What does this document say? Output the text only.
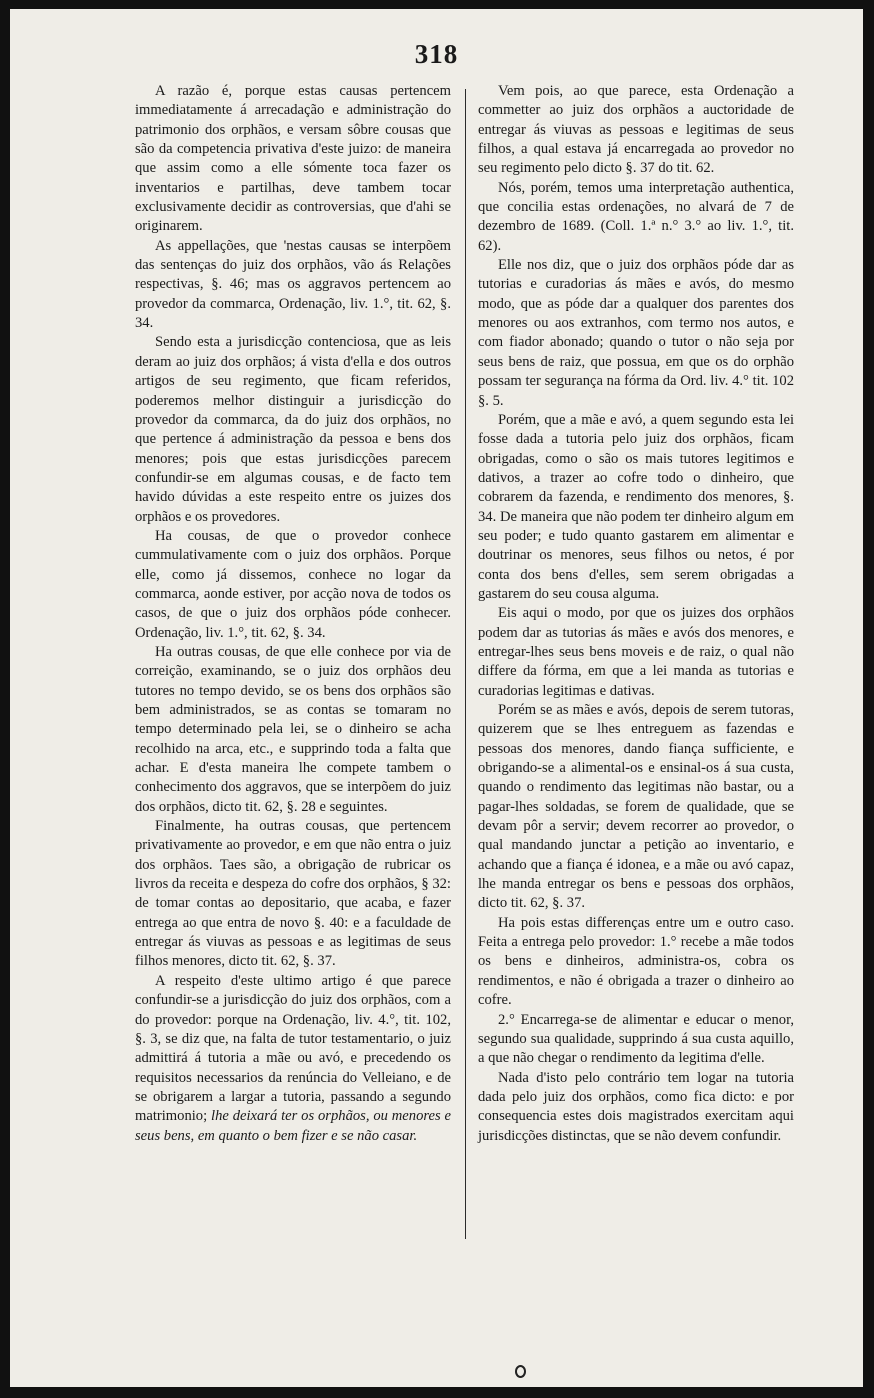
318

A razão é, porque estas causas pertencem immediatamente á arrecadação e administração do patrimonio dos orphãos, e versam sôbre cousas que são da competencia privativa d'este juizo: de maneira que assim como a elle sómente toca fazer os inventarios e partilhas, deve tambem tocar exclusivamente decidir as controversias, que d'ahi se originarem.

As appellações, que 'nestas causas se interpõem das sentenças do juiz dos orphãos, vão ás Relações respectivas, §. 46; mas os aggravos pertencem ao provedor da commarca, Ordenação, liv. 1.°, tit. 62, §. 34.

Sendo esta a jurisdicção contenciosa, que as leis deram ao juiz dos orphãos; á vista d'ella e dos outros artigos de seu regimento, que ficam referidos, poderemos melhor distinguir a jurisdicção do provedor da commarca, da do juiz dos orphãos, no que pertence á administração da pessoa e bens dos menores; pois que estas jurisdicções parecem confundir-se em algumas cousas, e de facto tem havido dúvidas a este respeito entre os juizes dos orphãos e os provedores.

Ha cousas, de que o provedor conhece cummulativamente com o juiz dos orphãos. Porque elle, como já dissemos, conhece no logar da commarca, aonde estiver, por acção nova de todos os casos, de que o juiz dos orphãos póde conhecer. Ordenação, liv. 1.°, tit. 62, §. 34.

Ha outras cousas, de que elle conhece por via de correição, examinando, se o juiz dos orphãos deu tutores no tempo devido, se os bens dos orphãos são bem administrados, se as contas se tomaram no tempo determinado pela lei, se o dinheiro se acha recolhido na arca, etc., e supprindo toda a falta que achar. E d'esta maneira lhe compete tambem o conhecimento dos aggravos, que se interpõem do juiz dos orphãos, dicto tit. 62, §. 28 e seguintes.

Finalmente, ha outras cousas, que pertencem privativamente ao provedor, e em que não entra o juiz dos orphãos. Taes são, a obrigação de rubricar os livros da receita e despeza do cofre dos orphãos, § 32: de tomar contas ao depositario, que acaba, e fazer entrega ao que entra de novo §. 40: e a faculdade de entregar ás viuvas as pessoas e as legitimas de seus filhos menores, dicto tit. 62, §. 37.

A respeito d'este ultimo artigo é que parece confundir-se a jurisdicção do juiz dos orphãos, com a do provedor: porque na Ordenação, liv. 4.°, tit. 102, §. 3, se diz que, na falta de tutor testamentario, o juiz admittirá á tutoria a mãe ou avó, e precedendo os requisitos necessarios da renúncia do Velleiano, e de se obrigarem a largar a tutoria, passando a segundo matrimonio; lhe deixará ter os orphãos, ou menores e seus bens, em quanto o bem fizer e se não casar.

Vem pois, ao que parece, esta Ordenação a commetter ao juiz dos orphãos a auctoridade de entregar ás viuvas as pessoas e legitimas de seus filhos, a qual estava já encarregada ao provedor no seu regimento pelo dicto §. 37 do tit. 62.

Nós, porém, temos uma interpretação authentica, que concilia estas ordenações, no alvará de 7 de dezembro de 1689. (Coll. 1.ª n.° 3.° ao liv. 1.°, tit. 62).

Elle nos diz, que o juiz dos orphãos póde dar as tutorias e curadorias ás mães e avós, do mesmo modo, que as póde dar a qualquer dos parentes dos menores ou aos extranhos, com termo nos autos, e com fiador abonado; quando o tutor o não seja por seus bens de raiz, que possua, em que os do orphão possam ter segurança na fórma da Ord. liv. 4.° tit. 102 §. 5.

Porém, que a mãe e avó, a quem segundo esta lei fosse dada a tutoria pelo juiz dos orphãos, ficam obrigadas, como o são os mais tutores legitimos e dativos, a trazer ao cofre todo o dinheiro, que cobrarem da fazenda, e rendimento dos menores, §. 34. De maneira que não podem ter dinheiro algum em seu poder; e tudo quanto gastarem em alimentar e doutrinar os menores, seus filhos ou netos, é por conta dos bens d'elles, sem serem obrigadas a gastarem do seu cousa alguma.

Eis aqui o modo, por que os juizes dos orphãos podem dar as tutorias ás mães e avós dos menores, e entregar-lhes seus bens moveis e de raiz, o qual não differe da fórma, em que a lei manda as tutorias e curadorias legitimas e dativas.

Porém se as mães e avós, depois de serem tutoras, quizerem que se lhes entreguem as fazendas e pessoas dos menores, dando fiança sufficiente, e obrigando-se a alimental-os e ensinal-os á sua custa, quando o rendimento das legitimas não bastar, ou a pagar-lhes soldadas, se forem de qualidade, que se devam pôr a servir; devem recorrer ao provedor, o qual mandando junctar a petição ao inventario, e achando que a fiança é idonea, e a mãe ou avó capaz, lhe manda entregar os bens e pessoas dos orphãos, dicto tit. 62, §. 37.

Ha pois estas differenças entre um e outro caso. Feita a entrega pelo provedor: 1.° recebe a mãe todos os bens e dinheiros, administra-os, cobra os rendimentos, e não é obrigada a trazer o dinheiro ao cofre.

2.° Encarrega-se de alimentar e educar o menor, segundo sua qualidade, supprindo á sua custa aquillo, a que não chegar o rendimento da legitima d'elle.

Nada d'isto pelo contrário tem logar na tutoria dada pelo juiz dos orphãos, como fica dicto: e por consequencia estes dois magistrados exercitam aqui jurisdicções distinctas, que se não devem confundir.
